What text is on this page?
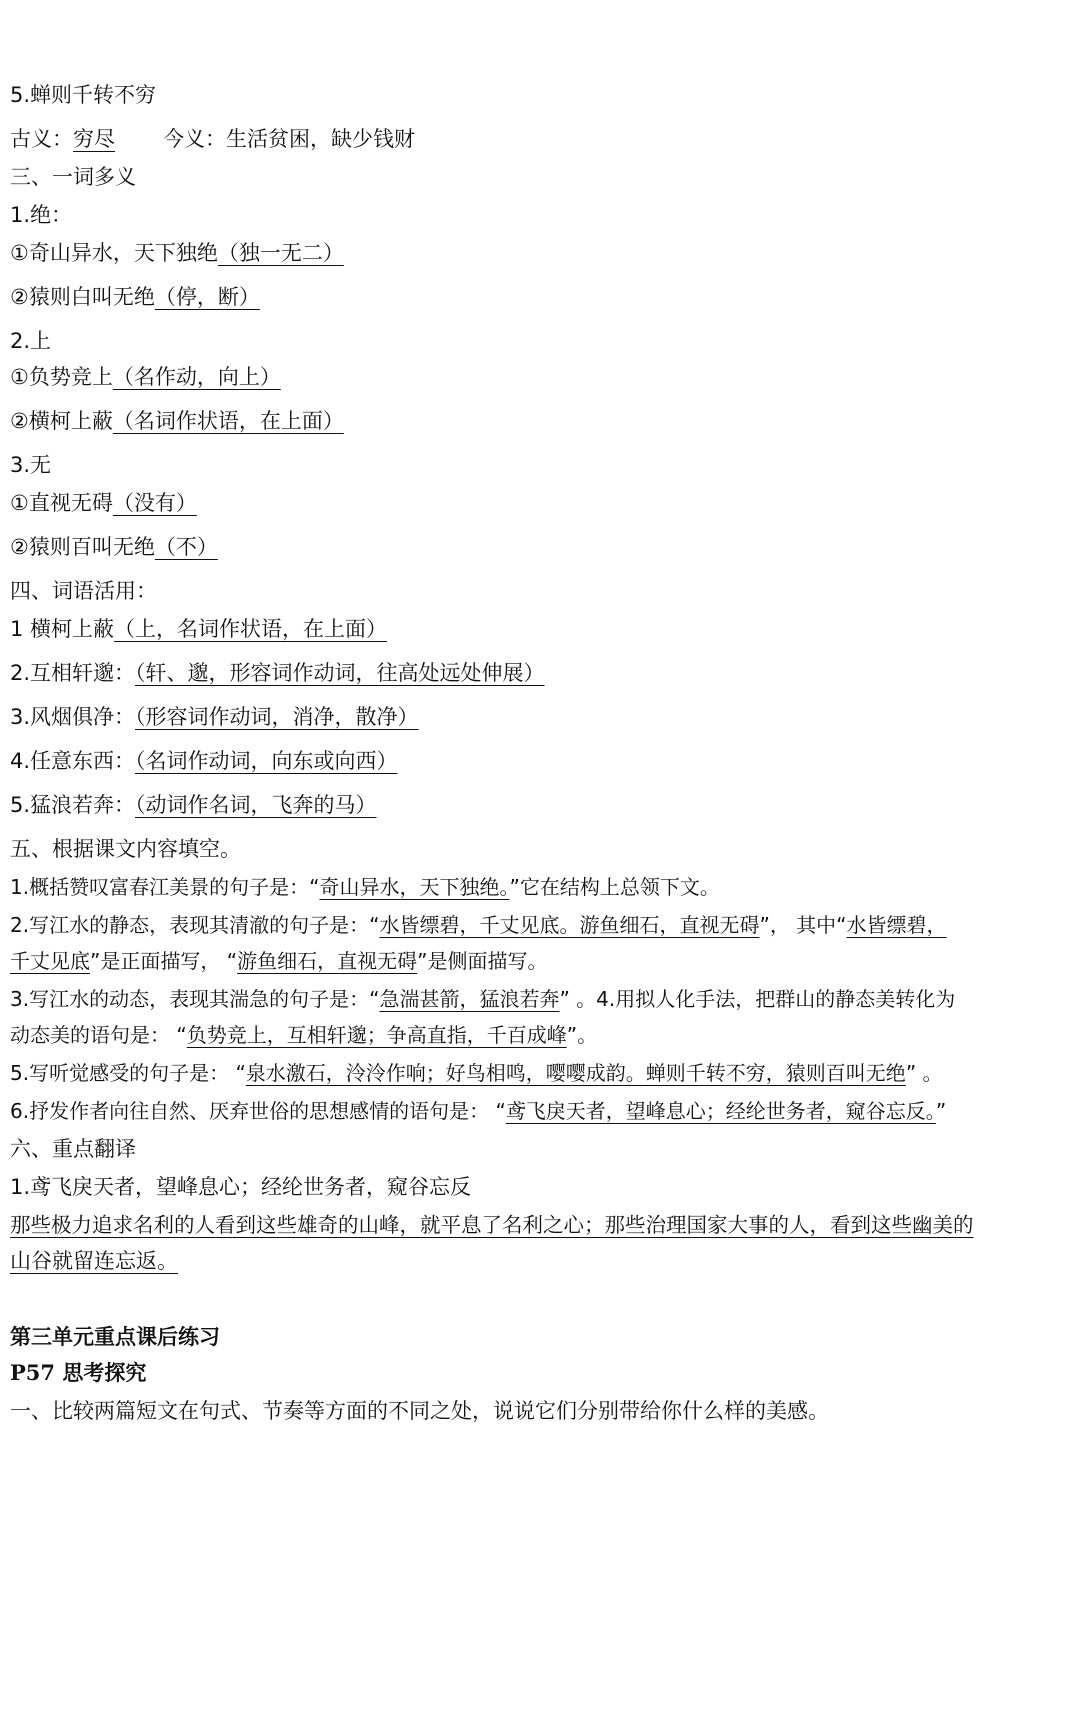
5.蝉则千转不穷
古义：穷尽 今义：生活贫困，缺少钱财
三、一词多义
1.绝：
①奇山异水，天下独绝（独一无二）
②猿则白叫无绝（停，断）
2.上
①负势竞上（名作动，向上）
②横柯上蔽（名词作状语，在上面）
3.无
①直视无碍（没有）
②猿则百叫无绝（不）
四、词语活用：
1 横柯上蔽（上，名词作状语，在上面）
2.互相轩邈：（轩、邈，形容词作动词，往高处远处伸展）
3.风烟俱净：（形容词作动词，消净，散净）
4.任意东西：（名词作动词，向东或向西）
5.猛浪若奔：（动词作名词，飞奔的马）
五、根据课文内容填空。
1.概括赞叹富春江美景的句子是：“奇山异水，天下独绝。”它在结构上总领下文。
2.写江水的静态，表现其清澈的句子是：“水皆缥碧，千丈见底。游鱼细石，直视无碍”， 其中“水皆缥碧，
千丈见底”是正面描写， “游鱼细石，直视无碍”是侧面描写。
3.写江水的动态，表现其湍急的句子是：“急湍甚箭，猛浪若奔” 。4.用拟人化手法，把群山的静态美转化为
动态美的语句是： “负势竞上，互相轩邈；争高直指，千百成峰”。
5.写听觉感受的句子是： “泉水激石，泠泠作响；好鸟相鸣，嘤嘤成韵。蝉则千转不穷，猿则百叫无绝” 。
6.抒发作者向往自然、厌弃世俗的思想感情的语句是： “鸢飞戾天者，望峰息心；经纶世务者，窥谷忘反。”
六、重点翻译
1.鸢飞戾天者，望峰息心；经纶世务者，窥谷忘反
那些极力追求名利的人看到这些雄奇的山峰，就平息了名利之心；那些治理国家大事的人，看到这些幽美的
山谷就留连忘返。
第三单元重点课后练习
P57 思考探究
一、比较两篇短文在句式、节奏等方面的不同之处，说说它们分别带给你什么样的美感。
